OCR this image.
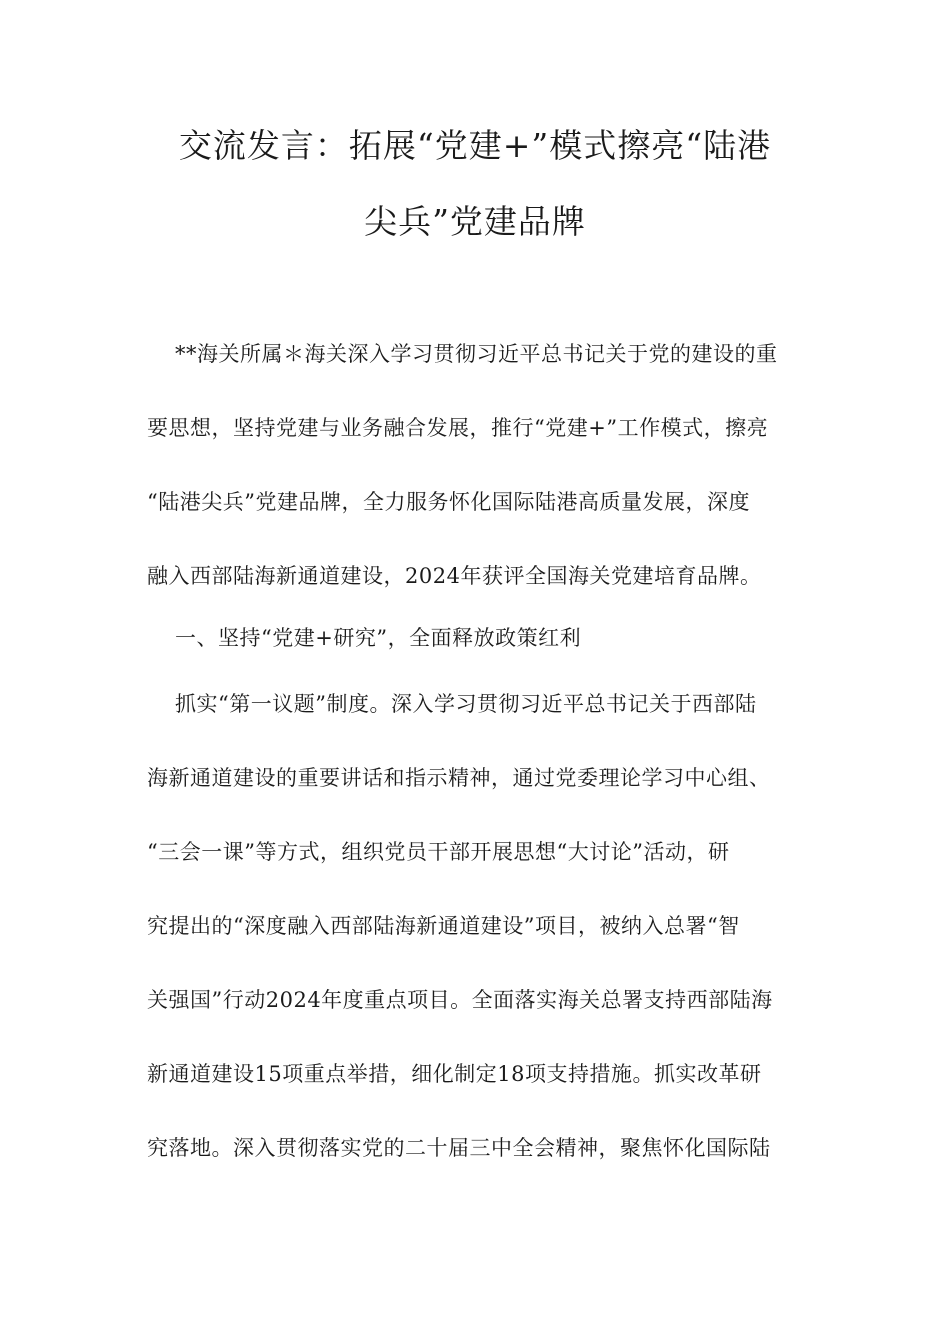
交流发言：拓展“党建+”模式擦亮“陆港
尖兵”党建品牌

**海关所属＊海关深入学习贯彻习近平总书记关于党的建设的重

要思想，坚持党建与业务融合发展，推行“党建+”工作模式，擦亮

“陆港尖兵”党建品牌，全力服务怀化国际陆港高质量发展，深度

融入西部陆海新通道建设，2024年获评全国海关党建培育品牌。

一、坚持“党建+研究”，全面释放政策红利

抓实“第一议题”制度。深入学习贯彻习近平总书记关于西部陆

海新通道建设的重要讲话和指示精神，通过党委理论学习中心组、

“三会一课”等方式，组织党员干部开展思想“大讨论”活动，研

究提出的“深度融入西部陆海新通道建设”项目，被纳入总署“智

关强国”行动2024年度重点项目。全面落实海关总署支持西部陆海

新通道建设15项重点举措，细化制定18项支持措施。抓实改革研

究落地。深入贯彻落实党的二十届三中全会精神，聚焦怀化国际陆
